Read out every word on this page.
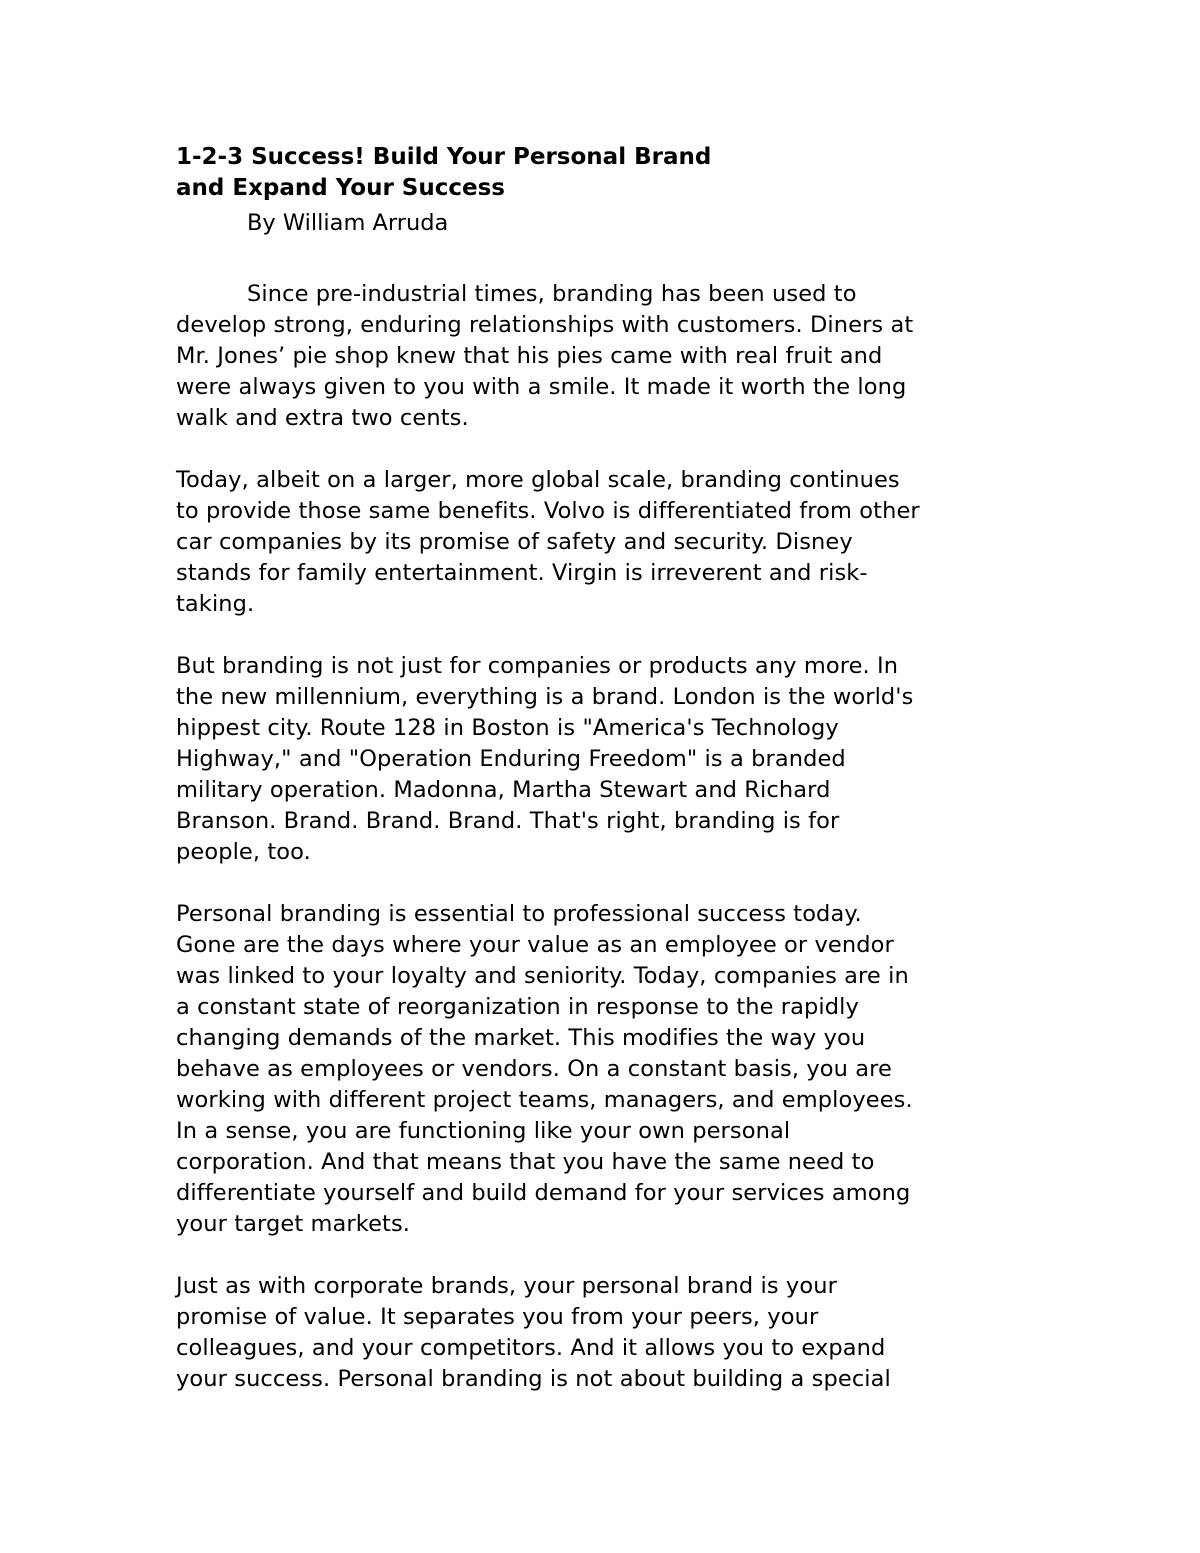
1-2-3 Success! Build Your Personal Brand
and Expand Your Success
By William Arruda

Since pre-industrial times, branding has been used to
develop strong, enduring relationships with customers. Diners at
Mr. Jones’ pie shop knew that his pies came with real fruit and
were always given to you with a smile. It made it worth the long
walk and extra two cents.

Today, albeit on a larger, more global scale, branding continues
to provide those same benefits. Volvo is differentiated from other
car companies by its promise of safety and security. Disney
stands for family entertainment. Virgin is irreverent and risk-
taking.

But branding is not just for companies or products any more. In
the new millennium, everything is a brand. London is the world's
hippest city. Route 128 in Boston is "America's Technology
Highway," and "Operation Enduring Freedom" is a branded
military operation. Madonna, Martha Stewart and Richard
Branson. Brand. Brand. Brand. That's right, branding is for
people, too.

Personal branding is essential to professional success today.
Gone are the days where your value as an employee or vendor
was linked to your loyalty and seniority. Today, companies are in
a constant state of reorganization in response to the rapidly
changing demands of the market. This modifies the way you
behave as employees or vendors. On a constant basis, you are
working with different project teams, managers, and employees.
In a sense, you are functioning like your own personal
corporation. And that means that you have the same need to
differentiate yourself and build demand for your services among
your target markets.

Just as with corporate brands, your personal brand is your
promise of value. It separates you from your peers, your
colleagues, and your competitors. And it allows you to expand
your success. Personal branding is not about building a special
